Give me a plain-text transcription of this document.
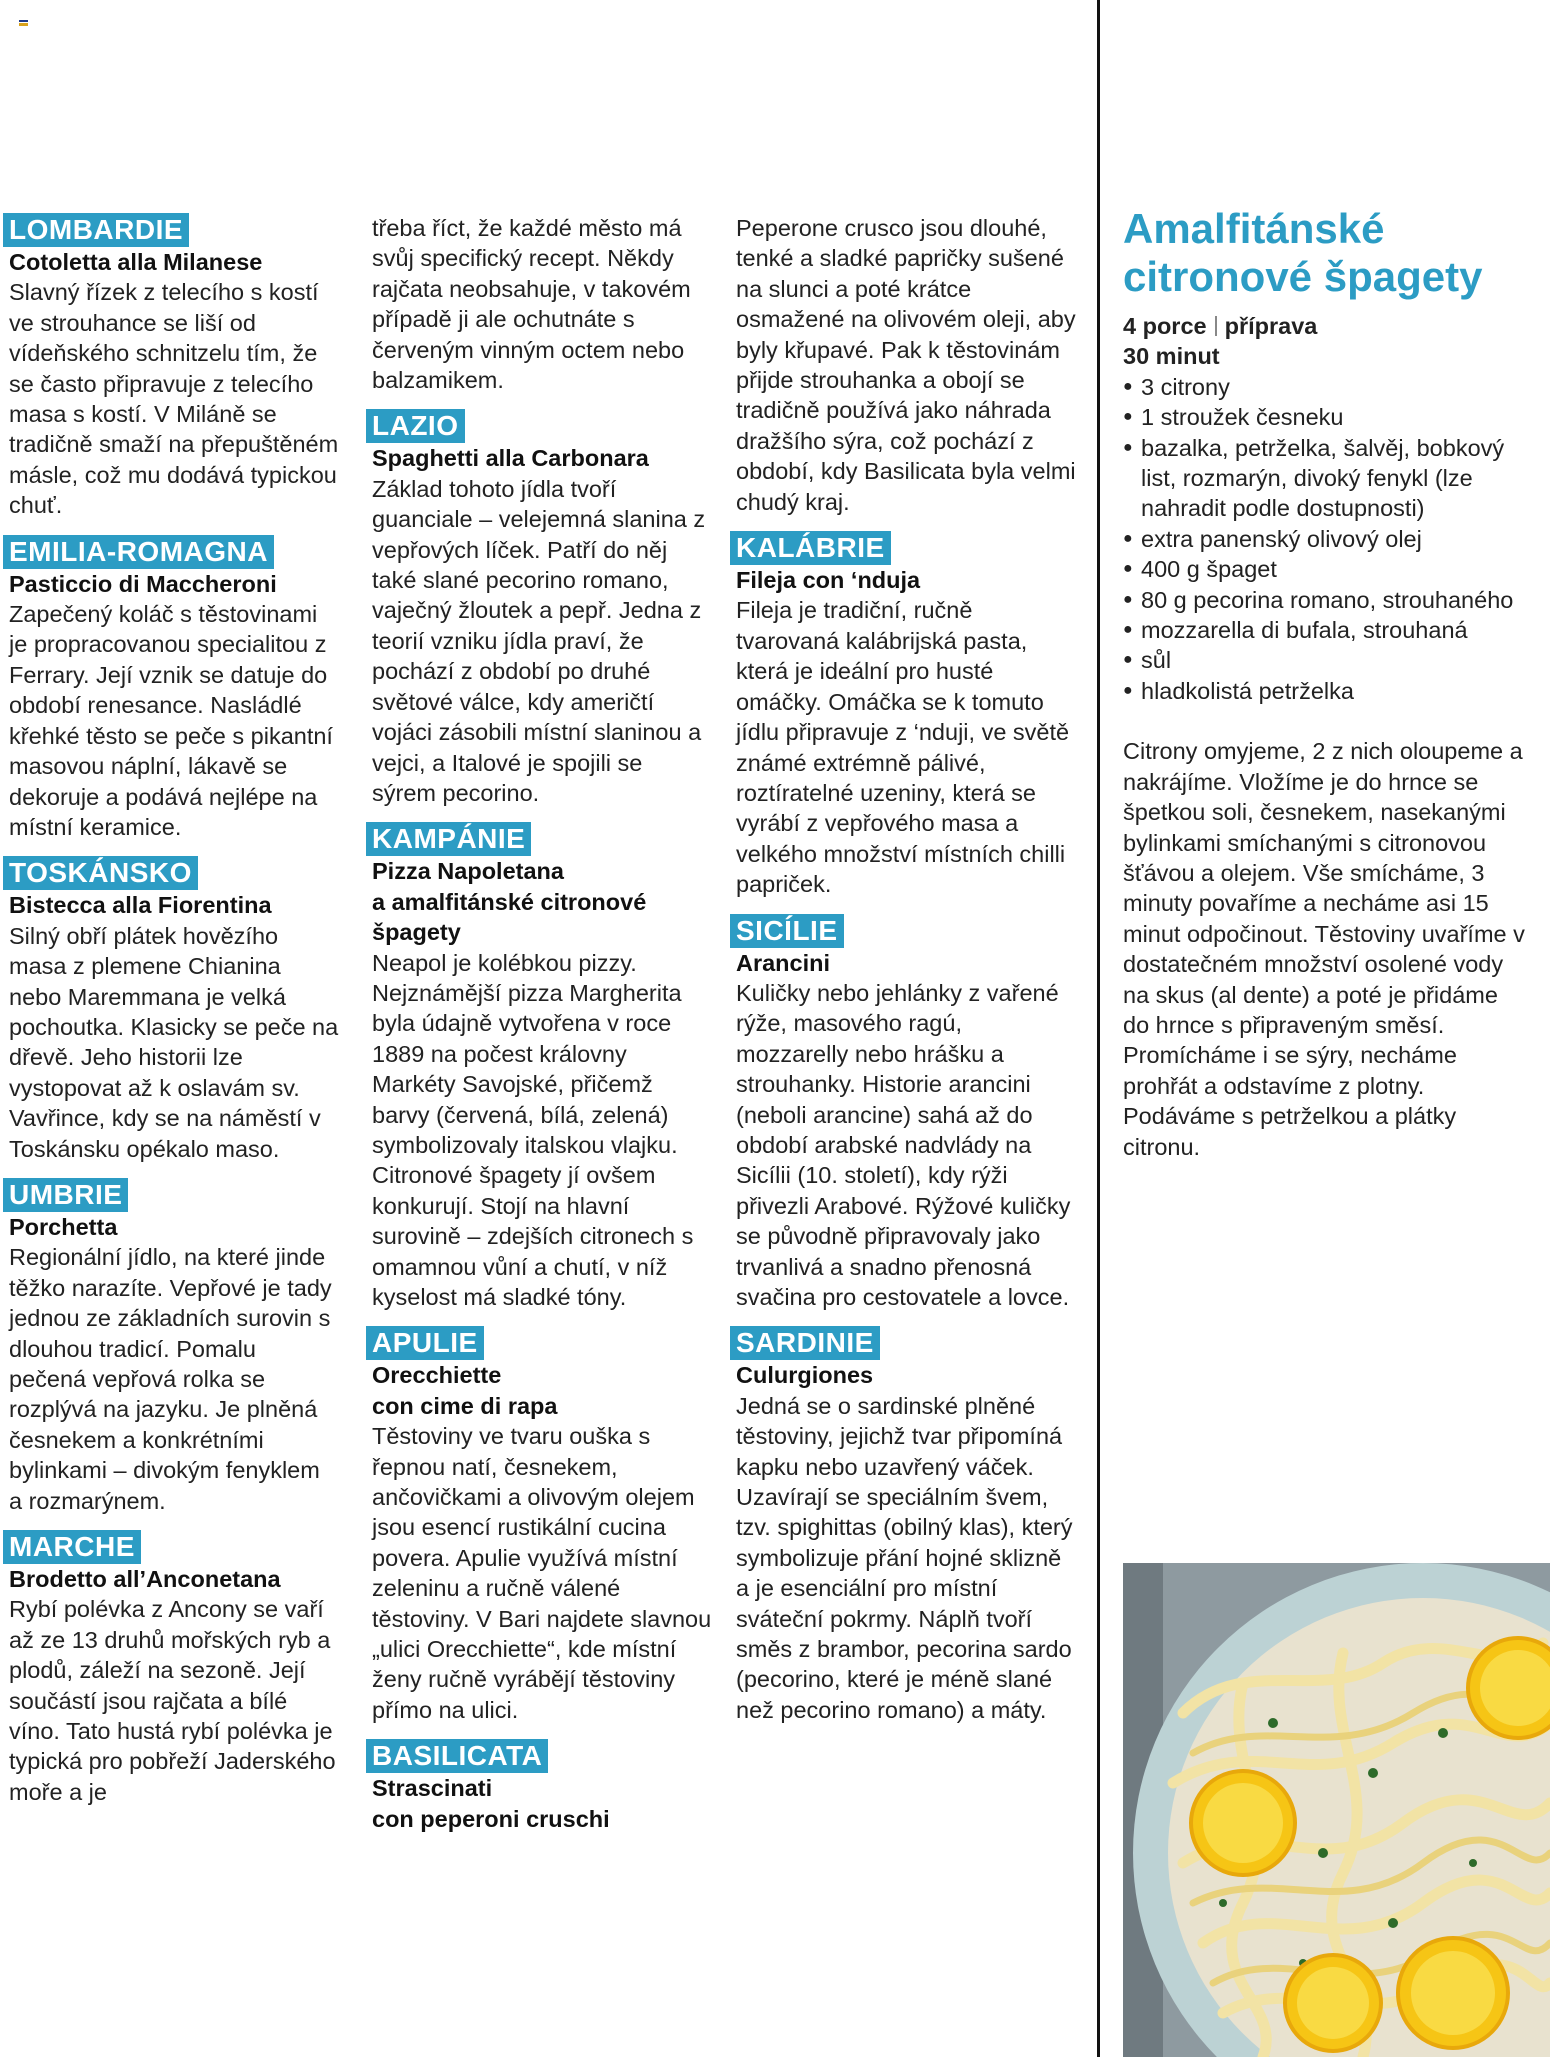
LOMBARDIE
Cotoletta alla Milanese

Slavný řízek z telecího s kostí ve strouhance se liší od vídeňského schnitzelu tím, že se často připravuje z telecího masa s kostí. V Miláně se tradičně smaží na přepuštěném másle, což mu dodává typickou chuť.

EMILIA-ROMAGNA
Pasticcio di Maccheroni

Zapečený koláč s těstovinami je propracovanou specialitou z Ferrary. Její vznik se datuje do období renesance. Nasládlé křehké těsto se peče s pikantní masovou náplní, lákavě se dekoruje a podává nejlépe na místní keramice.

TOSKÁNSKO
Bistecca alla Fiorentina

Silný obří plátek hovězího masa z plemene Chianina nebo Maremmana je velká pochoutka. Klasicky se peče na dřevě. Jeho historii lze vystopovat až k oslavám sv. Vavřince, kdy se na náměstí v Toskánsku opékalo maso.

UMBRIE
Porchetta

Regionální jídlo, na které jinde těžko narazíte. Vepřové je tady jednou ze základních surovin s dlouhou tradicí. Pomalu pečená vepřová rolka se rozplývá na jazyku. Je plněná česnekem a konkrétními bylinkami – divokým fenyklem a rozmarýnem.

MARCHE
Brodetto all’Anconetana

Rybí polévka z Ancony se vaří až ze 13 druhů mořských ryb a plodů, záleží na sezoně. Její součástí jsou rajčata a bílé víno. Tato hustá rybí polévka je typická pro pobřeží Jaderského moře a je

třeba říct, že každé město má svůj specifický recept. Někdy rajčata neobsahuje, v takovém případě ji ale ochutnáte s červeným vinným octem nebo balzamikem.

LAZIO
Spaghetti alla Carbonara

Základ tohoto jídla tvoří guanciale – velejemná slanina z vepřových líček. Patří do něj také slané pecorino romano, vaječný žloutek a pepř. Jedna z teorií vzniku jídla praví, že pochází z období po druhé světové válce, kdy američtí vojáci zásobili místní slaninou a vejci, a Italové je spojili se sýrem pecorino.

KAMPÁNIE
Pizza Napoletana
a amalfitánské citronové špagety

Neapol je kolébkou pizzy. Nejznámější pizza Margherita byla údajně vytvořena v roce 1889 na počest královny Markéty Savojské, přičemž barvy (červená, bílá, zelená) symbolizovaly italskou vlajku. Citronové špagety jí ovšem konkurují. Stojí na hlavní surovině – zdejších citronech s omamnou vůní a chutí, v níž kyselost má sladké tóny.

APULIE
Orecchiette
con cime di rapa

Těstoviny ve tvaru ouška s řepnou natí, česnekem, ančovičkami a olivovým olejem jsou esencí rustikální cucina povera. Apulie využívá místní zeleninu a ručně válené těstoviny. V Bari najdete slavnou „ulici Orecchiette“, kde místní ženy ručně vyrábějí těstoviny přímo na ulici.

BASILICATA
Strascinati
con peperoni cruschi

Peperone crusco jsou dlouhé, tenké a sladké papričky sušené na slunci a poté krátce osmažené na olivovém oleji, aby byly křupavé. Pak k těstovinám přijde strouhanka a obojí se tradičně používá jako náhrada dražšího sýra, což pochází z období, kdy Basilicata byla velmi chudý kraj.

KALÁBRIE
Fileja con ‘nduja

Fileja je tradiční, ručně tvarovaná kalábrijská pasta, která je ideální pro husté omáčky. Omáčka se k tomuto jídlu připravuje z ‘nduji, ve světě známé extrémně pálivé, roztíratelné uzeniny, která se vyrábí z vepřového masa a velkého množství místních chilli papriček.

SICÍLIE
Arancini

Kuličky nebo jehlánky z vařené rýže, masového ragú, mozzarelly nebo hrášku a strouhanky. Historie arancini (neboli arancine) sahá až do období arabské nadvlády na Sicílii (10. století), kdy rýži přivezli Arabové. Rýžové kuličky se původně připravovaly jako trvanlivá a snadno přenosná svačina pro cestovatele a lovce.

SARDINIE
Culurgiones

Jedná se o sardinské plněné těstoviny, jejichž tvar připomíná kapku nebo uzavřený váček. Uzavírají se speciálním švem, tzv. spighittas (obilný klas), který symbolizuje přání hojné sklizně a je esenciální pro místní sváteční pokrmy. Náplň tvoří směs z brambor, pecorina sardo (pecorino, které je méně slané než pecorino romano) a máty.

Amalfitánské citronové špagety
4 porce příprava
30 minut
● 3 citrony
● 1 stroužek česneku
● bazalka, petrželka, šalvěj, bobkový list, rozmarýn, divoký fenykl (lze nahradit podle dostupnosti)
● extra panenský olivový olej
● 400 g špaget
● 80 g pecorina romano, strouhaného
● mozzarella di bufala, strouhaná
● sůl
● hladkolistá petrželka

Citrony omyjeme, 2 z nich oloupeme a nakrájíme. Vložíme je do hrnce se špetkou soli, česnekem, nasekanými bylinkami smíchanými s citronovou šťávou a olejem. Vše smícháme, 3 minuty povaříme a necháme asi 15 minut odpočinout. Těstoviny uvaříme v dostatečném množství osolené vody na skus (al dente) a poté je přidáme do hrnce s připraveným směsí. Promícháme i se sýry, necháme prohřát a odstavíme z plotny. Podáváme s petrželkou a plátky citronu.
